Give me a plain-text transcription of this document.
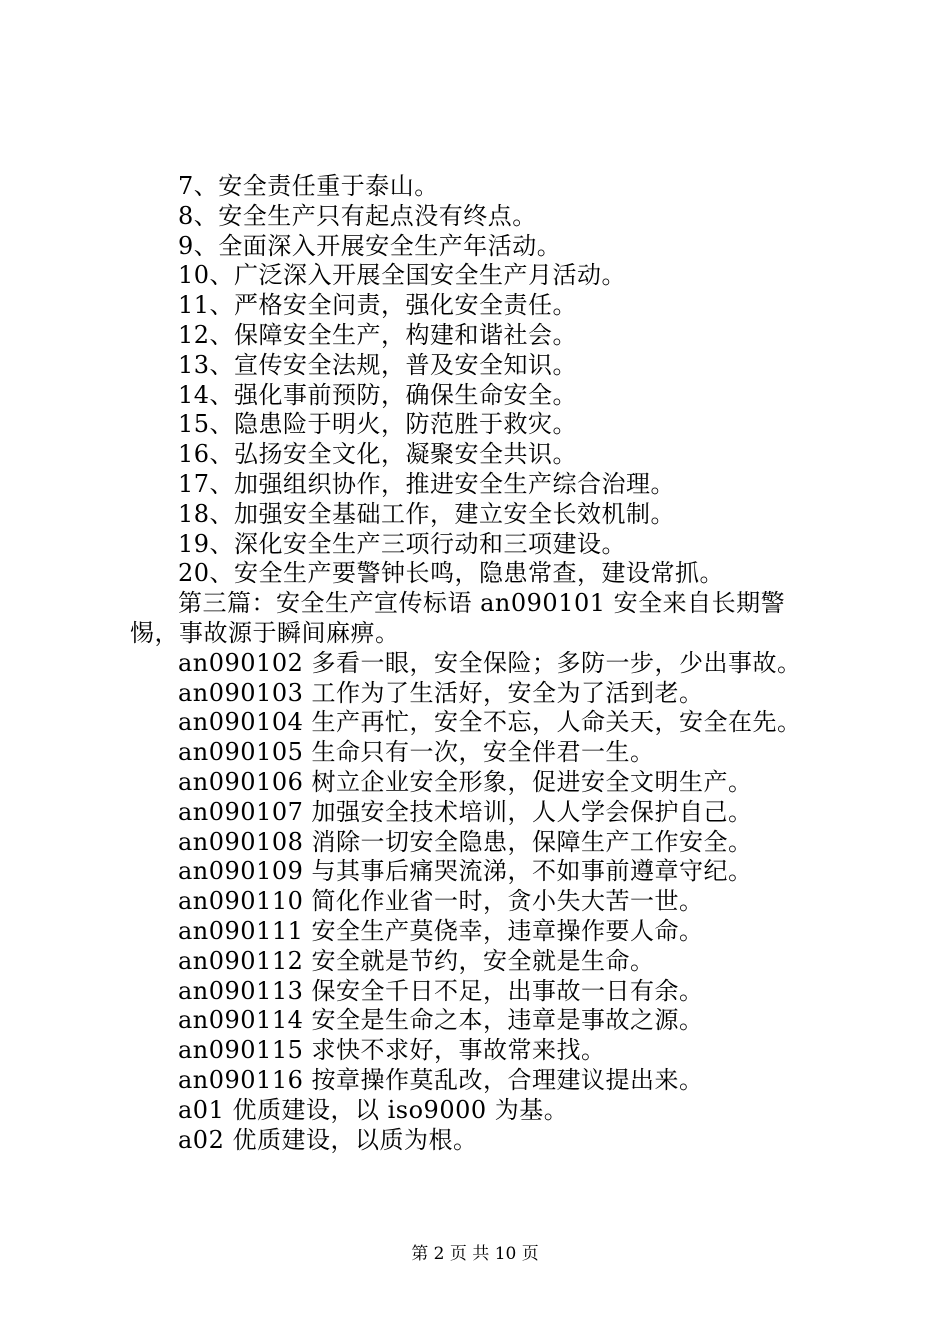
7、安全责任重于泰山。
8、安全生产只有起点没有终点。
9、全面深入开展安全生产年活动。
10、广泛深入开展全国安全生产月活动。
11、严格安全问责，强化安全责任。
12、保障安全生产，构建和谐社会。
13、宣传安全法规，普及安全知识。
14、强化事前预防，确保生命安全。
15、隐患险于明火，防范胜于救灾。
16、弘扬安全文化，凝聚安全共识。
17、加强组织协作，推进安全生产综合治理。
18、加强安全基础工作，建立安全长效机制。
19、深化安全生产三项行动和三项建设。
20、安全生产要警钟长鸣，隐患常查，建设常抓。
第三篇：安全生产宣传标语 an090101 安全来自长期警惕，事故源于瞬间麻痹。
an090102 多看一眼，安全保险；多防一步，少出事故。
an090103 工作为了生活好，安全为了活到老。
an090104 生产再忙，安全不忘，人命关天，安全在先。
an090105 生命只有一次，安全伴君一生。
an090106 树立企业安全形象，促进安全文明生产。
an090107 加强安全技术培训，人人学会保护自己。
an090108 消除一切安全隐患，保障生产工作安全。
an090109 与其事后痛哭流涕，不如事前遵章守纪。
an090110 简化作业省一时，贪小失大苦一世。
an090111 安全生产莫侥幸，违章操作要人命。
an090112 安全就是节约，安全就是生命。
an090113 保安全千日不足，出事故一日有余。
an090114 安全是生命之本，违章是事故之源。
an090115 求快不求好，事故常来找。
an090116 按章操作莫乱改，合理建议提出来。
a01 优质建设，以 iso9000 为基。
a02 优质建设，以质为根。
第 2 页 共 10 页
